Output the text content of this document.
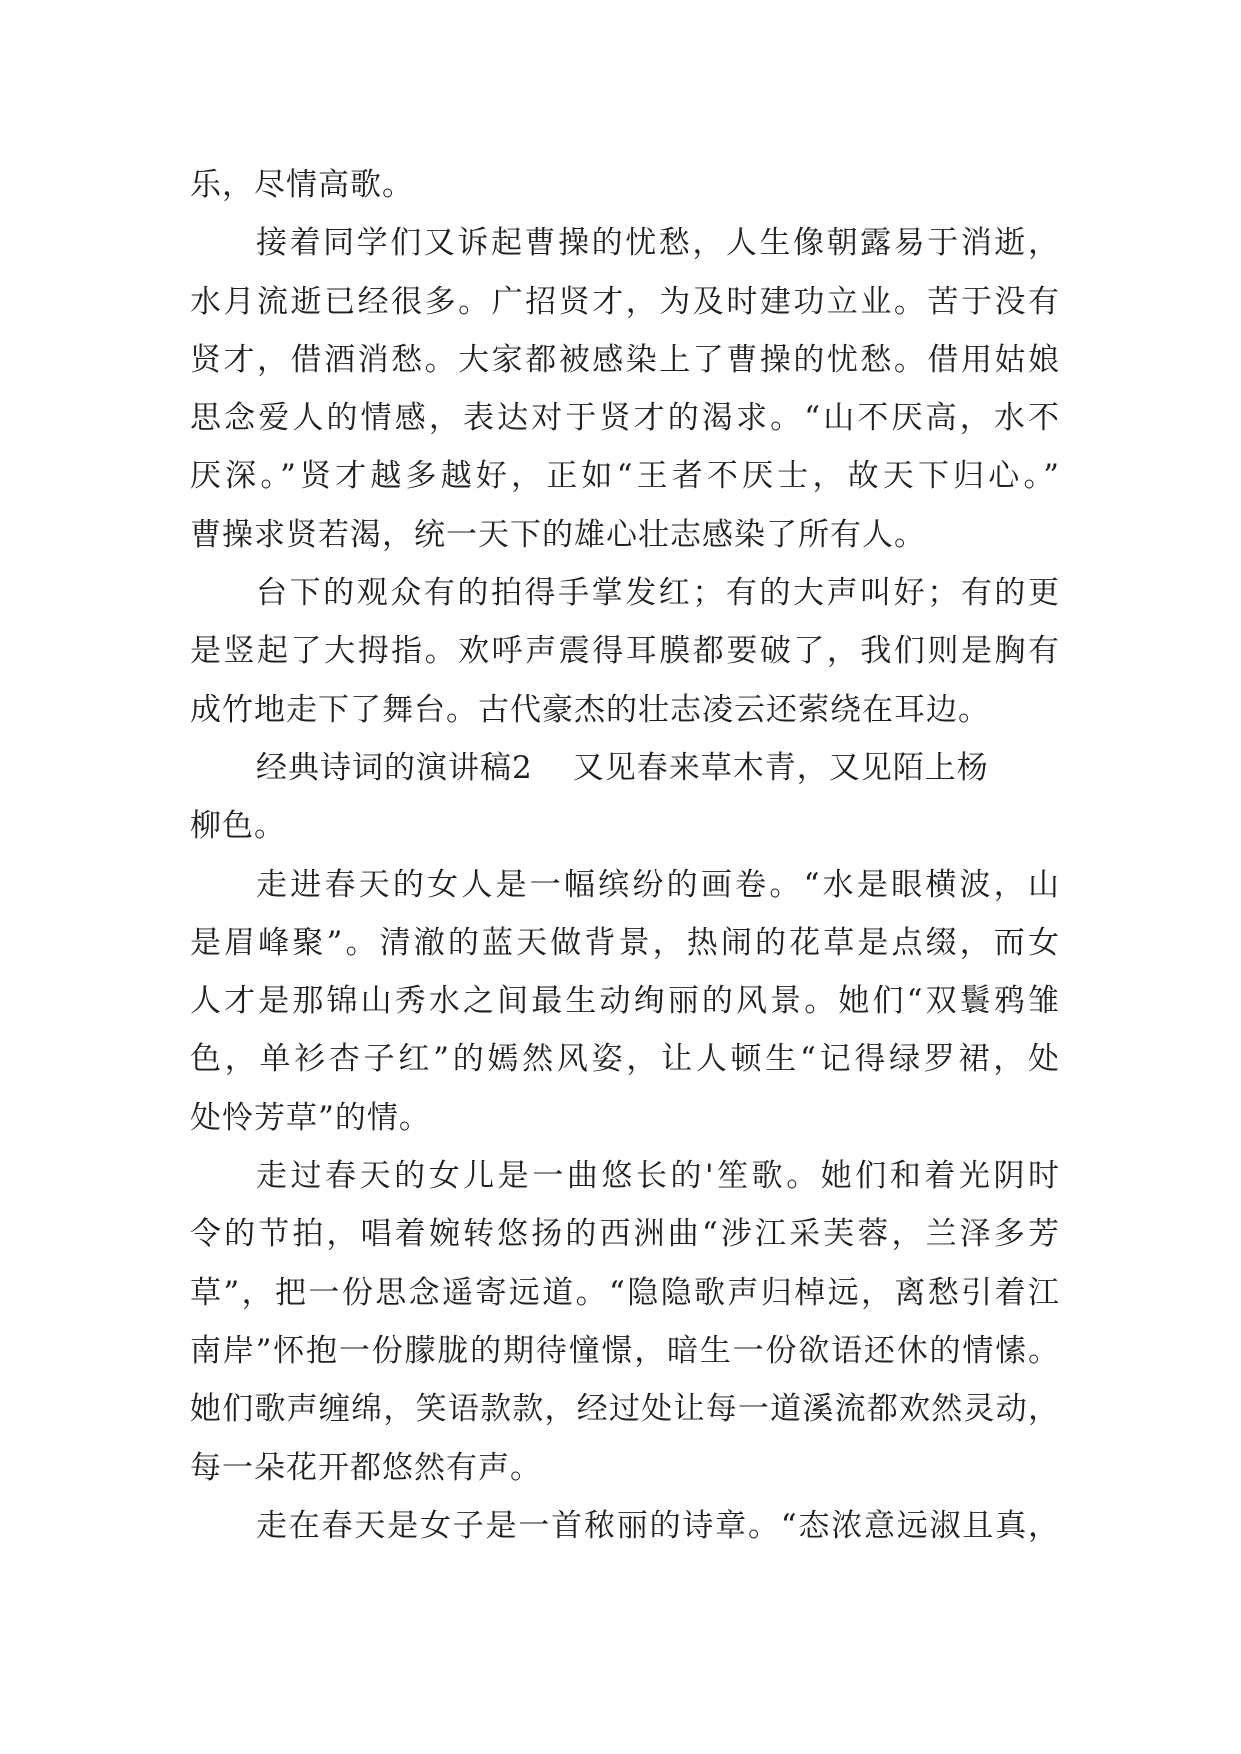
乐，尽情高歌。
接着同学们又诉起曹操的忧愁，人生像朝露易于消逝，
水月流逝已经很多。广招贤才，为及时建功立业。苦于没有
贤才，借酒消愁。大家都被感染上了曹操的忧愁。借用姑娘
思念爱人的情感，表达对于贤才的渴求。“山不厌高，水不
厌深。”贤才越多越好，正如“王者不厌士，故天下归心。”
曹操求贤若渴，统一天下的雄心壮志感染了所有人。
台下的观众有的拍得手掌发红；有的大声叫好；有的更
是竖起了大拇指。欢呼声震得耳膜都要破了，我们则是胸有
成竹地走下了舞台。古代豪杰的壮志凌云还萦绕在耳边。
经典诗词的演讲稿2 又见春来草木青，又见陌上杨
柳色。
走进春天的女人是一幅缤纷的画卷。“水是眼横波，山
是眉峰聚”。清澈的蓝天做背景，热闹的花草是点缀，而女
人才是那锦山秀水之间最生动绚丽的风景。她们“双鬟鸦雏
色，单衫杏子红”的嫣然风姿，让人顿生“记得绿罗裙，处
处怜芳草”的情。
走过春天的女儿是一曲悠长的'笙歌。她们和着光阴时
令的节拍，唱着婉转悠扬的西洲曲“涉江采芙蓉，兰泽多芳
草”，把一份思念遥寄远道。“隐隐歌声归棹远，离愁引着江
南岸”怀抱一份朦胧的期待憧憬，暗生一份欲语还休的情愫。
她们歌声缠绵，笑语款款，经过处让每一道溪流都欢然灵动，
每一朵花开都悠然有声。
走在春天是女子是一首秾丽的诗章。“态浓意远淑且真，
